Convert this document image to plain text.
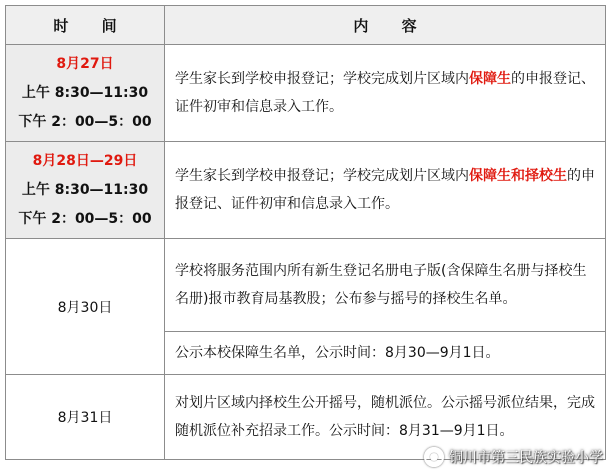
时 间	内 容

8月27日
上午 8:30—11:30
下午 2：00—5：00	学生家长到学校申报登记；学校完成划片区域内保障生的申报登记、证件初审和信息录入工作。

8月28日—29日
上午 8:30—11:30
下午 2：00—5：00	学生家长到学校申报登记；学校完成划片区域内保障生和择校生的申报登记、证件初审和信息录入工作。
8月30日	学校将服务范围内所有新生登记名册电子版(含保障生名册与择校生名册)报市教育局基教股；公布参与摇号的择校生名单。
	公示本校保障生名单，公示时间：8月30—9月1日。
8月31日	对划片区域内择校生公开摇号，随机派位。公示摇号派位结果，完成随机派位补充招录工作。公示时间：8月31—9月1日。
铜川市第三民族实验小学
